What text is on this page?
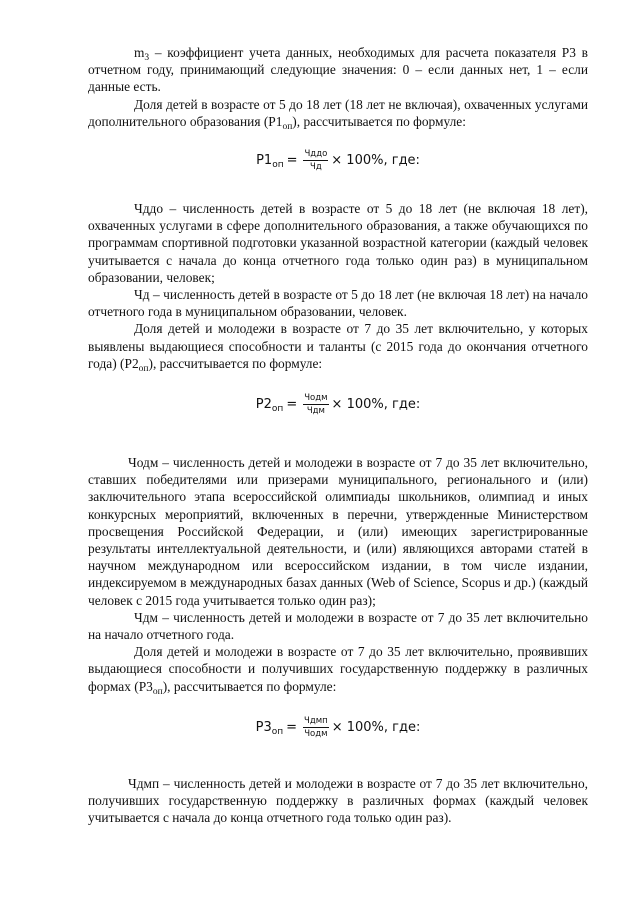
$m_3$ – коэффициент учета данных, необходимых для расчета показателя Р3 в отчетном году, принимающий следующие значения: 0 – если данных нет, 1 – если данные есть.

Доля детей в возрасте от 5 до 18 лет (18 лет не включая), охваченных услугами дополнительного образования $(Р1_{оп})$, рассчитывается по формуле:

$P1_{оп} = \frac{\text{Чддо}}{Чд} \times 100\%$, где:

Чддо – численность детей в возрасте от 5 до 18 лет (не включая 18 лет), охваченных услугами в сфере дополнительного образования, а также обучающихся по программам спортивной подготовки указанной возрастной категории (каждый человек учитывается с начала до конца отчетного года только один раз) в муниципальном образовании, человек;

Чд – численность детей в возрасте от 5 до 18 лет (не включая 18 лет) на начало отчетного года в муниципальном образовании, человек.

Доля детей и молодежи в возрасте от 7 до 35 лет включительно, у которых выявлены выдающиеся способности и таланты (с 2015 года до окончания отчетного года) $(Р2_{оп})$, рассчитывается по формуле:

$P2_{оп} = \frac{\text{Чодм}}{\text{Чдм}} \times 100\%$, где:

Чодм – численность детей и молодежи в возрасте от 7 до 35 лет включительно, ставших победителями или призерами муниципального, регионального и (или) заключительного этапа всероссийской олимпиады школьников, олимпиад и иных конкурсных мероприятий, включенных в перечни, утвержденные Министерством просвещения Российской Федерации, и (или) имеющих зарегистрированные результаты интеллектуальной деятельности, и (или) являющихся авторами статей в научном международном или всероссийском издании, в том числе издании, индексируемом в международных базах данных (Web of Science, Scopus и др.) (каждый человек с 2015 года учитывается только один раз);

Чдм – численность детей и молодежи в возрасте от 7 до 35 лет включительно на начало отчетного года.

Доля детей и молодежи в возрасте от 7 до 35 лет включительно, проявивших выдающиеся способности и получивших государственную поддержку в различных формах $(Р3_{оп})$, рассчитывается по формуле:

$P3_{оп} = \frac{\text{Чдмп}}{\text{Чодм}} \times 100\%$, где:

Чдмп – численность детей и молодежи в возрасте от 7 до 35 лет включительно, получивших государственную поддержку в различных формах (каждый человек учитывается с начала до конца отчетного года только один раз).
